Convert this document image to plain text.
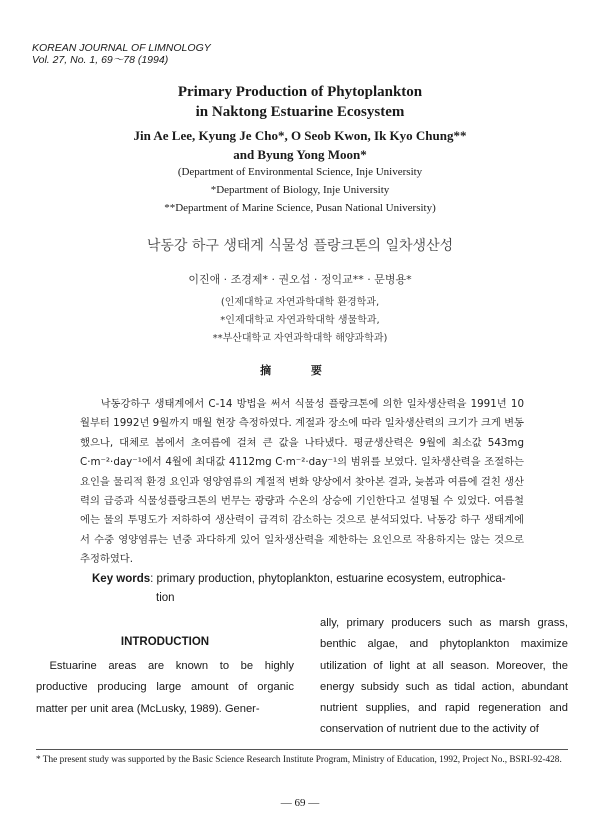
KOREAN JOURNAL OF LIMNOLOGY
Vol. 27, No. 1, 69～78 (1994)
Primary Production of Phytoplankton
in Naktong Estuarine Ecosystem
Jin Ae Lee, Kyung Je Cho*, O Seob Kwon, Ik Kyo Chung**
and Byung Yong Moon*
(Department of Environmental Science, Inje University
*Department of Biology, Inje University
**Department of Marine Science, Pusan National University)
낙동강 하구 생태계 식물성 플랑크톤의 일차생산성
이진애 · 조경제* · 권오섭 · 정익교** · 문병용*
(인제대학교 자연과학대학 환경학과,
*인제대학교 자연과학대학 생물학과,
**부산대학교 자연과학대학 해양과학과)
摘 要

낙동강하구 생태계에서 C-14 방법을 써서 식물성 플랑크톤에 의한 일차생산력을 1991년 10월부터 1992년 9월까지 매월 현장 측정하였다. 계절과 장소에 따라 일차생산력의 크기가 크게 변동했으나, 대체로 봄에서 초여름에 걸쳐 큰 값을 나타냈다. 평균생산력은 9월에 최소값 543mg C·m⁻²·day⁻¹에서 4월에 최대값 4112mg C·m⁻²·day⁻¹의 범위를 보였다. 일차생산력을 조절하는 요인을 물리적 환경 요인과 영양염류의 계절적 변화 양상에서 찾아본 결과, 늦봄과 여름에 걸친 생산력의 급증과 식물성플랑크톤의 번무는 광량과 수온의 상승에 기인한다고 설명될 수 있었다. 여름철에는 물의 투명도가 저하하여 생산력이 급격히 감소하는 것으로 분석되었다. 낙동강 하구 생태계에서 수중 영양염류는 년중 과다하게 있어 일차생산력을 제한하는 요인으로 작용하지는 않는 것으로 추정하였다.

Key words: primary production, phytoplankton, estuarine ecosystem, eutrophica-
tion
INTRODUCTION

Estuarine areas are known to be highly productive producing large amount of organic matter per unit area (McLusky, 1989). Gener-

ally, primary producers such as marsh grass, benthic algae, and phytoplankton maximize utilization of light at all season. Moreover, the energy subsidy such as tidal action, abundant nutrient supplies, and rapid regeneration and conservation of nutrient due to the activity of

* The present study was supported by the Basic Science Research Institute Program, Ministry of Education, 1992, Project No., BSRI-92-428.
— 69 —
